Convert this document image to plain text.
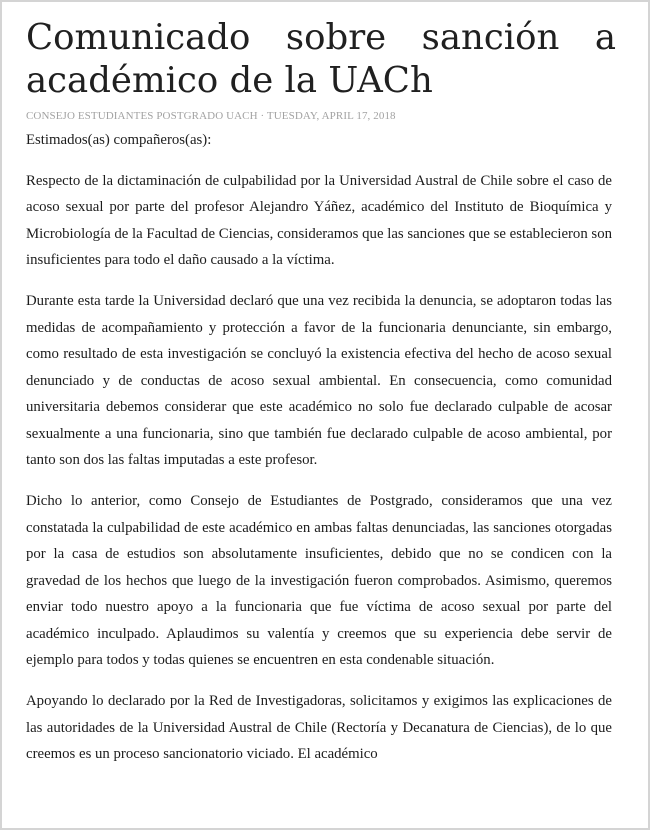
Comunicado sobre sanción a académico de la UACh
CONSEJO ESTUDIANTES POSTGRADO UACH · TUESDAY, APRIL 17, 2018

Estimados(as) compañeros(as):

Respecto de la dictaminación de culpabilidad por la Universidad Austral de Chile sobre el caso de acoso sexual por parte del profesor Alejandro Yáñez, académico del Instituto de Bioquímica y Microbiología de la Facultad de Ciencias, consideramos que las sanciones que se establecieron son insuficientes para todo el daño causado a la víctima.

Durante esta tarde la Universidad declaró que una vez recibida la denuncia, se adoptaron todas las medidas de acompañamiento y protección a favor de la funcionaria denunciante, sin embargo, como resultado de esta investigación se concluyó la existencia efectiva del hecho de acoso sexual denunciado y de conductas de acoso sexual ambiental. En consecuencia, como comunidad universitaria debemos considerar que este académico no solo fue declarado culpable de acosar sexualmente a una funcionaria, sino que también fue declarado culpable de acoso ambiental, por tanto son dos las faltas imputadas a este profesor.

Dicho lo anterior, como Consejo de Estudiantes de Postgrado, consideramos que una vez constatada la culpabilidad de este académico en ambas faltas denunciadas, las sanciones otorgadas por la casa de estudios son absolutamente insuficientes, debido que no se condicen con la gravedad de los hechos que luego de la investigación fueron comprobados. Asimismo, queremos enviar todo nuestro apoyo a la funcionaria que fue víctima de acoso sexual por parte del académico inculpado. Aplaudimos su valentía y creemos que su experiencia debe servir de ejemplo para todos y todas quienes se encuentren en esta condenable situación.

Apoyando lo declarado por la Red de Investigadoras, solicitamos y exigimos las explicaciones de las autoridades de la Universidad Austral de Chile (Rectoría y Decanatura de Ciencias), de lo que creemos es un proceso sancionatorio viciado. El académico
